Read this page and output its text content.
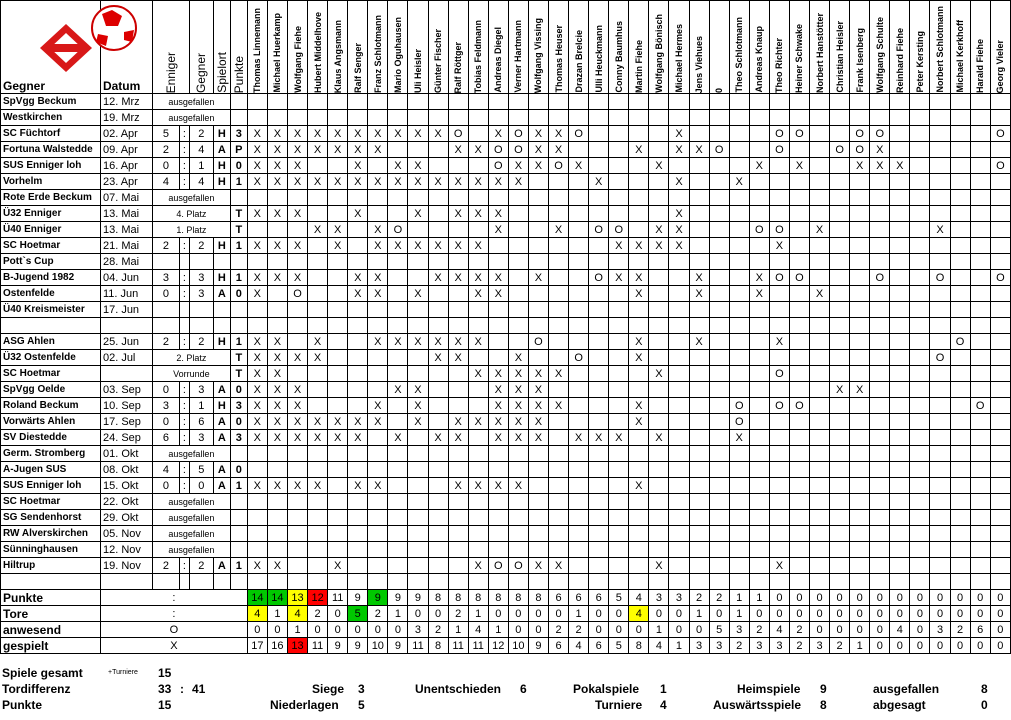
Gegner	Datum	Enniger		Gegner	Spielort	Punkte	Thomas Linnemann	Michael Huerkamp	Wolfgang Fiehe	Hubert Middelhove	Klaus Angsmann	Ralf Senger	Franz Schlotmann	Mario Oguhausen	Uli Heisler	Günter Fischer	Ralf Röttger	Tobias Feldmann	Andreas Diegel	Verner Hartmann	Wolfgang Vissing	Thomas Heuser	Drazan Brelcie	Ulli Heuckmann	Conny Baumhus	Martin Fiehe	Wolfgang Bönisch	Michael Hermes	Jens Viehues	0	Theo Schlotmann	Andreas Knaup	Theo Richter	Heiner Schwake	Norbert Hanstötter	Christian Heisler	Frank Isenberg	Wolfgang Schulte	Reinhard Fiehe	Peter Kersting	Norbert Schlotmann	Michael Kerkhoff	Harald Fiehe	Georg Vieler

SpVgg Beckum	12. Mrz	ausgefallen																																										
Westkirchen	19. Mrz	ausgefallen																																										
SC Füchtorf	02. Apr	5	:	2	H	3	X	X	X	X	X	X	X	X	X	X	O		X	O	X	X	O					X					O	O			O	O						O
Fortuna Walstedde	09. Apr	2	:	4	A	P	X	X	X	X	X	X	X				X	X	O	O	X	X				X		X	X	O			O			O	O	X						
SUS Enniger loh	16. Apr	0	:	1	H	0	X	X	X			X		X	X				O	X	X	O	X				X					X		X			X	X	X					O
Vorhelm	23. Apr	4	:	4	H	1	X	X	X	X	X	X	X	X	X	X	X	X	X	X				X				X			X													
Rote Erde Beckum	07. Mai	ausgefallen																																										
Ü32 Enniger	13. Mai	4. Platz				T	X	X	X			X			X		X	X	X									X																
Ü40 Enniger	13. Mai	1. Platz				T				X	X		X	O					X			X		O	O		X	X				O	O		X						X			
SC Hoetmar	21. Mai	2	:	2	H	1	X	X	X		X		X	X	X	X	X	X							X	X	X	X					X											
Pott`s Cup	28. Mai																																											
B-Jugend 1982	04. Jun	3	:	3	H	1	X	X	X			X	X			X	X	X	X		X			O	X	X			X			X	O	O				O			O			O
Ostenfelde	11. Jun	0	:	3	A	0	X		O			X	X		X			X	X							X			X			X			X									
Ü40 Kreismeister	17. Jun																																											

ASG Ahlen	25. Jun	2	:	2	H	1	X	X		X			X	X	X	X	X	X			O					X			X				X									O		
Ü32 Ostenfelde	02. Jul	2. Platz				T	X	X	X	X						X	X			X			O			X															O			
SC Hoetmar		Vorrunde				T	X	X										X	X	X	X	X					X						O											
SpVgg Oelde	03. Sep	0	:	3	A	0	X	X	X					X	X				X	X	X															X	X							
Roland Beckum	10. Sep	3	:	1	H	3	X	X	X				X		X				X	X	X	X				X					O		O	O									O	
Vorwärts Ahlen	17. Sep	0	:	6	A	0	X	X	X	X	X	X	X		X		X	X	X	X	X					X					O													
SV Diestedde	24. Sep	6	:	3	A	3	X	X	X	X	X	X		X		X	X		X	X	X		X	X	X		X				X													
Germ. Stromberg	01. Okt	ausgefallen																																										
A-Jugen SUS	08. Okt	4	:	5	A	0																																						
SUS Enniger loh	15. Okt	0	:	0	A	1	X	X	X	X		X	X				X	X	X	X						X																		
SC Hoetmar	22. Okt	ausgefallen																																										
SG Sendenhorst	29. Okt	ausgefallen																																										
RW Alverskirchen	05. Nov	ausgefallen																																										
Sünninghausen	12. Nov	ausgefallen																																										
Hiltrup	19. Nov	2	:	2	A	1	X	X			X							X	O	O	X	X					X						X											

Punkte	:						14	14	13	12	11	9	9	9	9	8	8	8	8	8	8	6	6	6	5	4	3	3	2	2	1	1	0	0	0	0	0	0	0	0	0	0	0	0
Tore	:						4	1	4	2	0	5	2	1	0	0	2	1	0	0	0	0	1	0	0	4	0	0	1	0	1	0	0	0	0	0	0	0	0	0	0	0	0	0
anwesend	O						0	0	1	0	0	0	0	0	3	2	1	4	1	0	0	2	2	0	0	0	1	0	0	5	3	2	4	2	0	0	0	0	4	0	3	2	6	0
gespielt	X						17	16	13	11	9	9	10	9	11	8	11	11	12	10	9	6	4	6	5	8	4	1	3	3	2	3	3	2	3	2	1	0	0	0	0	0	0	0
Spiele gesamt	+Turniere 15
Tordifferenz	33 : 41
Punkte	15
Siege 3
Niederlagen 5
Unentschieden 6	Pokalspiele 1
Turniere 4
Heimspiele 9
Auswärtsspiele 8
ausgefallen	8
abgesagt	0
